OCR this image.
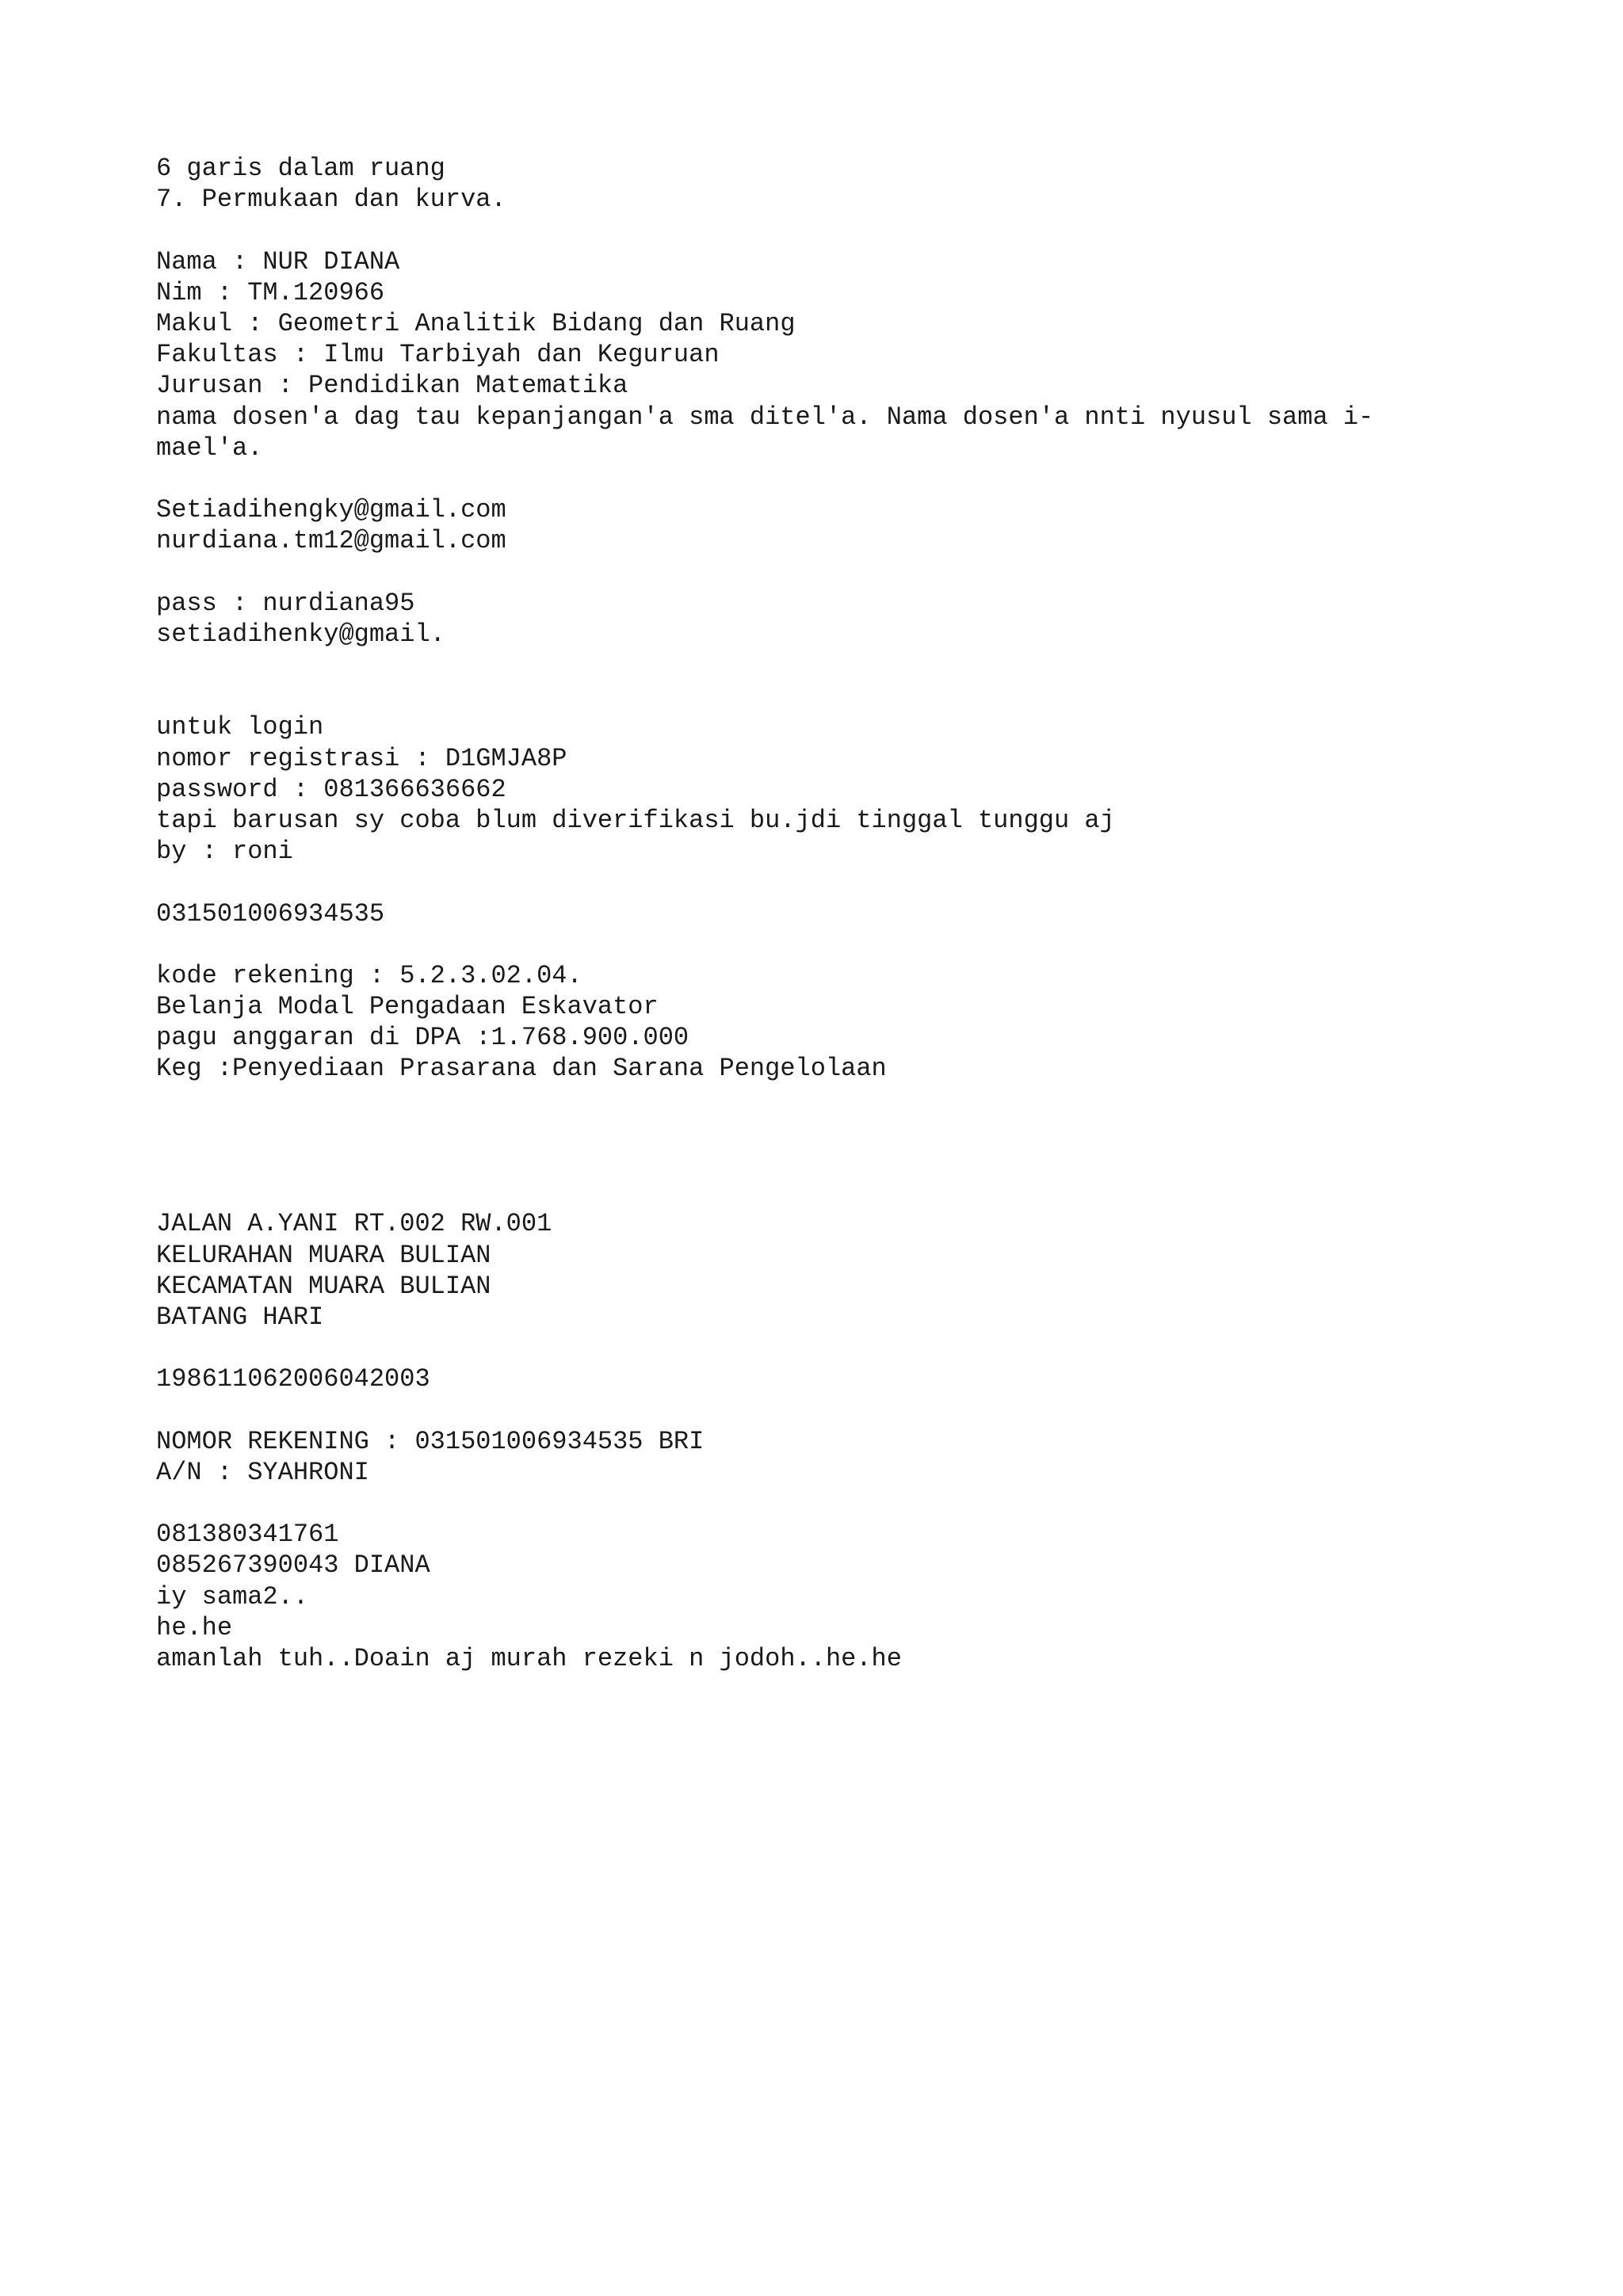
6 garis dalam ruang
7. Permukaan dan kurva.
Nama : NUR DIANA
Nim : TM.120966
Makul : Geometri Analitik Bidang dan Ruang
Fakultas : Ilmu Tarbiyah dan Keguruan
Jurusan : Pendidikan Matematika
nama dosen'a dag tau kepanjangan'a sma ditel'a. Nama dosen'a nnti nyusul sama i-
mael'a.
Setiadihengky@gmail.com
nurdiana.tm12@gmail.com
pass : nurdiana95
setiadihenky@gmail.
untuk login
nomor registrasi : D1GMJA8P
password : 081366636662
tapi barusan sy coba blum diverifikasi bu.jdi tinggal tunggu aj
by : roni
031501006934535
kode rekening : 5.2.3.02.04.
Belanja Modal Pengadaan Eskavator
pagu anggaran di DPA :1.768.900.000
Keg :Penyediaan Prasarana dan Sarana Pengelolaan
JALAN A.YANI RT.002 RW.001
KELURAHAN MUARA BULIAN
KECAMATAN MUARA BULIAN
BATANG HARI
198611062006042003
NOMOR REKENING : 031501006934535 BRI
A/N : SYAHRONI
081380341761
085267390043 DIANA
iy sama2..
he.he
amanlah tuh..Doain aj murah rezeki n jodoh..he.he
